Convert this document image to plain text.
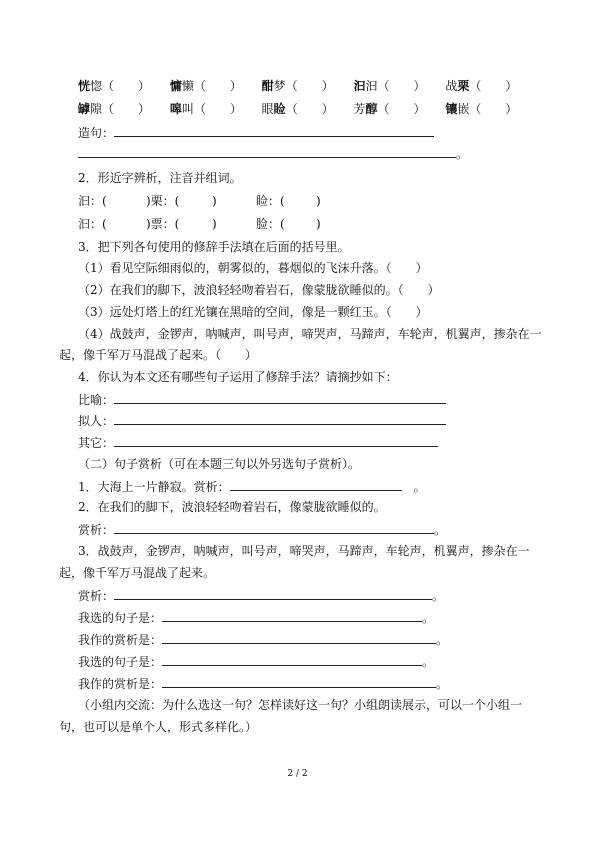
恍惚（　　 ） 慵懒（　　 ） 酣梦（　　 ） 汩汩（　　 ） 战栗（　　 ）
罅隙（　　 ） 嗥叫（　　 ） 眼睑（　　 ） 芳醇（　　 ） 镶嵌（　　 ）
造句：
。
2．形近字辨析，注音并组词。
汩：(	)栗：(	)	睑：(	)
汩：(	)票：(	)	脸：(	)
3．把下列各句使用的修辞手法填在后面的括号里。
（1）看见空际细雨似的，朝雾似的，暮烟似的飞沫升落。（　　）
（2）在我们的脚下，波浪轻轻吻着岩石，像蒙胧欲睡似的。（　　）
（3）远处灯塔上的红光镶在黑暗的空间，像是一颗红玉。（　　）
（4）战鼓声，金锣声，呐喊声，叫号声，啼哭声，马蹄声，车轮声，机翼声，掺杂在一
起，像千军万马混战了起来。（　　）
4．你认为本文还有哪些句子运用了修辞手法？请摘抄如下：
比喻：
拟人：
其它：
（二）句子赏析（可在本题三句以外另选句子赏析）。
1．大海上一片静寂。赏析： 	。
2．在我们的脚下，波浪轻轻吻着岩石，像蒙胧欲睡似的。
赏析：	。
3．战鼓声，金锣声，呐喊声，叫号声，啼哭声，马蹄声，车轮声，机翼声，掺杂在一
起，像千军万马混战了起来。
赏析：	。
我选的句子是：	。
我作的赏析是：	。
我选的句子是：	。
我作的赏析是：	。
（小组内交流：为什么选这一句？怎样读好这一句？小组朗读展示，可以一个小组一
句，也可以是单个人，形式多样化。）
2 / 2
